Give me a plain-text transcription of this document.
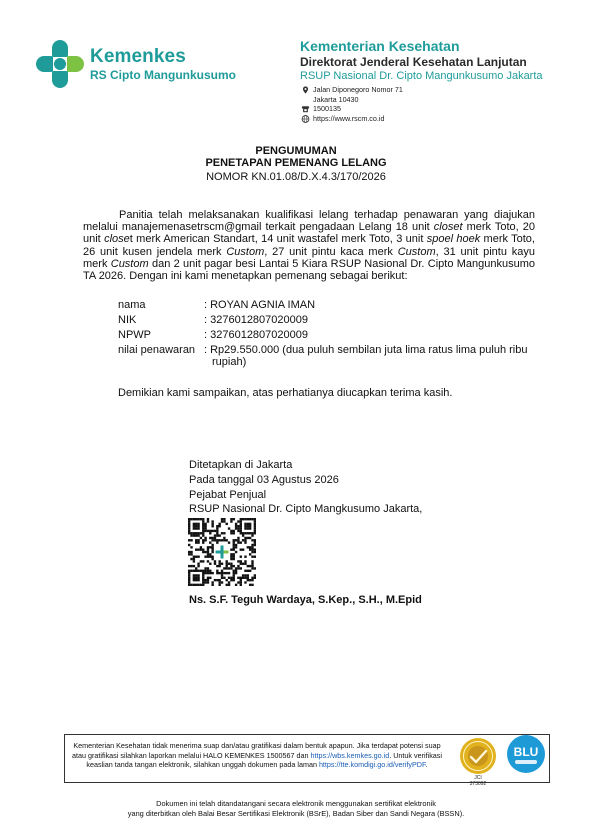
Kemenkes
RS Cipto Mangunkusumo
Kementerian Kesehatan
Direktorat Jenderal Kesehatan Lanjutan
RSUP Nasional Dr. Cipto Mangunkusumo Jakarta
Jalan Diponegoro Nomor 71
Jakarta 10430
1500135
https://www.rscm.co.id
PENGUMUMAN
PENETAPAN PEMENANG LELANG
NOMOR KN.01.08/D.X.4.3/170/2026
Panitia telah melaksanakan kualifikasi lelang terhadap penawaran yang diajukan melalui manajemenasetrscm@gmail terkait pengadaan Lelang 18 unit closet merk Toto, 20 unit closet merk American Standart, 14 unit wastafel merk Toto, 3 unit spoel hoek merk Toto, 26 unit kusen jendela merk Custom, 27 unit pintu kaca merk Custom, 31 unit pintu kayu merk Custom dan 2 unit pagar besi Lantai 5 Kiara RSUP Nasional Dr. Cipto Mangunkusumo TA 2026. Dengan ini kami menetapkan pemenang sebagai berikut:
nama	: ROYAN AGNIA IMAN
NIK	: 3276012807020009
NPWP	: 3276012807020009
nilai penawaran : Rp29.550.000 (dua puluh sembilan juta lima ratus lima puluh ribu
rupiah)
Demikian kami sampaikan, atas perhatianya diucapkan terima kasih.
Ditetapkan di Jakarta
Pada tanggal 03 Agustus 2026
Pejabat Penjual
RSUP Nasional Dr. Cipto Mangkusumo Jakarta,
Ns. S.F. Teguh Wardaya, S.Kep., S.H., M.Epid
Kementerian Kesehatan tidak menerima suap dan/atau gratifikasi dalam bentuk apapun. Jika terdapat potensi suap atau gratifikasi silahkan laporkan melalui HALO KEMENKES 1500567 dan https://wbs.kemkes.go.id. Untuk verifikasi keaslian tanda tangan elektronik, silahkan unggah dokumen pada laman https://tte.komdigi.go.id/verifyPDF.
JCI
373092
BLU
Dokumen ini telah ditandatangani secara elektronik menggunakan sertifikat elektronik
yang diterbitkan oleh Balai Besar Sertifikasi Elektronik (BSrE), Badan Siber dan Sandi Negara (BSSN).
